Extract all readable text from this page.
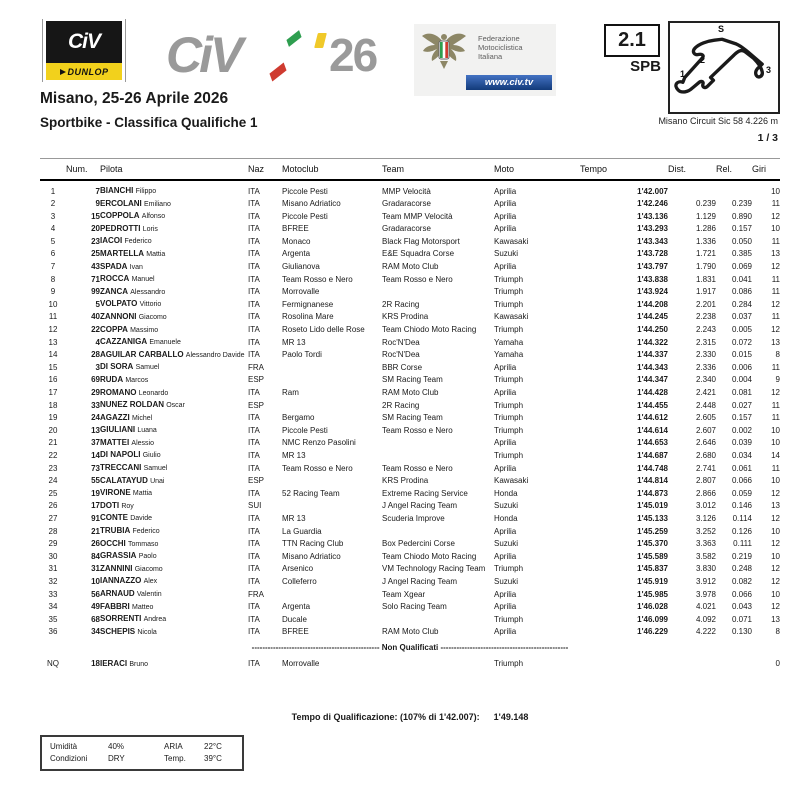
CiV
DUNLOP CiV 26	Federazione
Motociclistica
Italiana
www.civ.tv
2.1
SPB
S
2
1	3
Misano Circuit Sic 58 4.226 m
1 / 3
Misano, 25-26 Aprile 2026
Sportbike - Classifica Qualifiche 1
	Num.	Pilota	Naz	Motoclub	Team	Moto	Tempo	Dist.	Rel.	Giri
1	7	BIANCHI Filippo	ITA	Piccole Pesti	MMP Velocità	Aprilia	1'42.007			10
2	9	ERCOLANI Emiliano	ITA	Misano Adriatico	Gradaracorse	Aprilia	1'42.246	0.239	0.239	11
3	15	COPPOLA Alfonso	ITA	Piccole Pesti	Team MMP Velocità	Aprilia	1'43.136	1.129	0.890	12
4	20	PEDROTTI Loris	ITA	BFREE	Gradaracorse	Aprilia	1'43.293	1.286	0.157	10
5	23	IACOI Federico	ITA	Monaco	Black Flag Motorsport	Kawasaki	1'43.343	1.336	0.050	11
6	25	MARTELLA Mattia	ITA	Argenta	E&E Squadra Corse	Suzuki	1'43.728	1.721	0.385	13
7	43	SPADA Ivan	ITA	Giulianova	RAM Moto Club	Aprilia	1'43.797	1.790	0.069	12
8	71	ROCCA Manuel	ITA	Team Rosso e Nero	Team Rosso e Nero	Triumph	1'43.838	1.831	0.041	11
9	99	ZANCA Alessandro	ITA	Morrovalle		Triumph	1'43.924	1.917	0.086	11
10	5	VOLPATO Vittorio	ITA	Fermignanese	2R Racing	Triumph	1'44.208	2.201	0.284	12
11	40	ZANNONI Giacomo	ITA	Rosolina Mare	KRS Prodina	Kawasaki	1'44.245	2.238	0.037	11
12	22	COPPA Massimo	ITA	Roseto Lido delle Rose	Team Chiodo Moto Racing	Triumph	1'44.250	2.243	0.005	12
13	4	CAZZANIGA Emanuele	ITA	MR 13	Roc'N'Dea	Yamaha	1'44.322	2.315	0.072	13
14	28	AGUILAR CARBALLO Alessandro Davide	ITA	Paolo Tordi	Roc'N'Dea	Yamaha	1'44.337	2.330	0.015	8
15	3	DI SORA Samuel	FRA		BBR Corse	Aprilia	1'44.343	2.336	0.006	11
16	69	RUDA Marcos	ESP		SM Racing Team	Triumph	1'44.347	2.340	0.004	9
17	29	ROMANO Leonardo	ITA	Ram	RAM Moto Club	Aprilia	1'44.428	2.421	0.081	12
18	33	NUNEZ ROLDAN Oscar	ESP		2R Racing	Triumph	1'44.455	2.448	0.027	11
19	24	AGAZZI Michel	ITA	Bergamo	SM Racing Team	Triumph	1'44.612	2.605	0.157	11
20	13	GIULIANI Luana	ITA	Piccole Pesti	Team Rosso e Nero	Triumph	1'44.614	2.607	0.002	10
21	37	MATTEI Alessio	ITA	NMC Renzo Pasolini		Aprilia	1'44.653	2.646	0.039	10
22	14	DI NAPOLI Giulio	ITA	MR 13		Triumph	1'44.687	2.680	0.034	14
23	73	TRECCANI Samuel	ITA	Team Rosso e Nero	Team Rosso e Nero	Aprilia	1'44.748	2.741	0.061	11
24	55	CALATAYUD Unai	ESP		KRS Prodina	Kawasaki	1'44.814	2.807	0.066	10
25	19	VIRONE Mattia	ITA	52 Racing Team	Extreme Racing Service	Honda	1'44.873	2.866	0.059	12
26	17	DOTI Roy	SUI		J Angel Racing Team	Suzuki	1'45.019	3.012	0.146	13
27	91	CONTE Davide	ITA	MR 13	Scuderia Improve	Honda	1'45.133	3.126	0.114	12
28	21	TRUBIA Federico	ITA	La Guardia		Aprilia	1'45.259	3.252	0.126	10
29	26	OCCHI Tommaso	ITA	TTN Racing Club	Box Pedercini Corse	Suzuki	1'45.370	3.363	0.111	12
30	84	GRASSIA Paolo	ITA	Misano Adriatico	Team Chiodo Moto Racing	Aprilia	1'45.589	3.582	0.219	10
31	31	ZANNINI Giacomo	ITA	Arsenico	VM Technology Racing Team	Triumph	1'45.837	3.830	0.248	12
32	10	IANNAZZO Alex	ITA	Colleferro	J Angel Racing Team	Suzuki	1'45.919	3.912	0.082	12
33	56	ARNAUD Valentin	FRA		Team Xgear	Aprilia	1'45.985	3.978	0.066	10
34	49	FABBRI Matteo	ITA	Argenta	Solo Racing Team	Aprilia	1'46.028	4.021	0.043	12
35	68	SORRENTI Andrea	ITA	Ducale		Triumph	1'46.099	4.092	0.071	13
36	34	SCHEPIS Nicola	ITA	BFREE	RAM Moto Club	Aprilia	1'46.229	4.222	0.130	8
------------------------------------------------ Non Qualificati ------------------------------------------------										
NQ	18	IERACI Bruno	ITA	Morrovalle		Triumph				0
Tempo di Qualificazione: (107% di 1'42.007): 1'49.148
Umidità	40%	ARIA	22°C
Condizioni	DRY	Temp.	39°C
